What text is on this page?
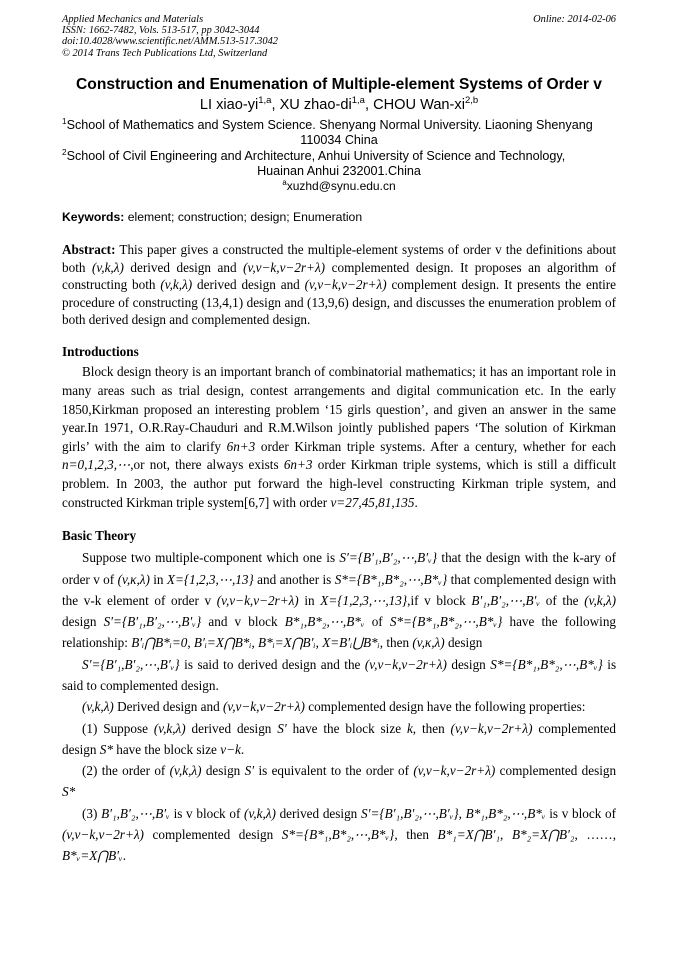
Applied Mechanics and Materials
ISSN: 1662-7482, Vols. 513-517, pp 3042-3044
doi:10.4028/www.scientific.net/AMM.513-517.3042
© 2014 Trans Tech Publications Ltd, Switzerland
Online: 2014-02-06
Construction and Enumenation of Multiple-element Systems of Order v
LI xiao-yi$^{1,a}$, XU zhao-di$^{1,a}$, CHOU Wan-xi$^{2,b}$
$^1$School of Mathematics and System Science. Shenyang Normal University. Liaoning Shenyang
110034 China
$^2$School of Civil Engineering and Architecture, Anhui University of Science and Technology,
Huainan Anhui 232001.China
$^a$xuzhd@synu.edu.cn
Keywords: element; construction; design; Enumeration
Abstract: This paper gives a constructed the multiple-element systems of order v the definitions about both (v,k,λ) derived design and (v,v−k,v−2r+λ) complemented design. It proposes an algorithm of constructing both (v,k,λ) derived design and (v,v−k,v−2r+λ) complement design. It presents the entire procedure of constructing (13,4,1) design and (13,9,6) design, and discusses the enumeration problem of both derived design and complemented design.
Introductions

Block design theory is an important branch of combinatorial mathematics; it has an important role in many areas such as trial design, contest arrangements and digital communication etc. In the early 1850,Kirkman proposed an interesting problem ‘15 girls question’, and given an answer in the same year.In 1971, O.R.Ray-Chauduri and R.M.Wilson jointly published papers ‘The solution of Kirkman girls’ with the aim to clarify 6n+3 order Kirkman triple systems. After a century, whether for each n=0,1,2,3,⋯,or not, there always exists 6n+3 order Kirkman triple systems, which is still a difficult problem. In 2003, the author put forward the high-level constructing Kirkman triple system, and constructed Kirkman triple system[6,7] with order v=27,45,81,135.

Basic Theory

Suppose two multiple-component which one is S′={B′₁,B′₂,⋯,B′ᵥ} that the design with the k-ary of order v of (v,κ,λ) in X={1,2,3,⋯,13} and another is S*={B*₁,B*₂,⋯,B*ᵥ} that complemented design with the v-k element of order v (v,v−k,v−2r+λ) in X={1,2,3,⋯,13},if v block B′₁,B′₂,⋯,B′ᵥ of the (v,k,λ) design S′={B′₁,B′₂,⋯,B′ᵥ} and v block B*₁,B*₂,⋯,B*ᵥ of S*={B*₁,B*₂,⋯,B*ᵥ} have the following relationship: B′ᵢ⋂B*ᵢ=0, B′ᵢ=X⋂B*ᵢ, B*ᵢ=X⋂B′ᵢ, X=B′ᵢ⋃B*ᵢ, then (v,κ,λ) design

S′={B′₁,B′₂,⋯,B′ᵥ} is said to derived design and the (v,v−k,v−2r+λ) design S*={B*₁,B*₂,⋯,B*ᵥ} is said to complemented design.

(v,k,λ) Derived design and (v,v−k,v−2r+λ) complemented design have the following properties:

(1) Suppose (v,k,λ) derived design S′ have the block size k, then (v,v−k,v−2r+λ) complemented design S* have the block size v−k.

(2) the order of (v,k,λ) design S′ is equivalent to the order of (v,v−k,v−2r+λ) complemented design S*

(3) B′₁,B′₂,⋯,B′ᵥ is v block of (v,k,λ) derived design S′={B′₁,B′₂,⋯,B′ᵥ}, B*₁,B*₂,⋯,B*ᵥ is v block of (v,v−k,v−2r+λ) complemented design S*={B*₁,B*₂,⋯,B*ᵥ}, then B*₁=X⋂B′₁, B*₂=X⋂B′₂, ……, B*ᵥ=X⋂B′ᵥ.
